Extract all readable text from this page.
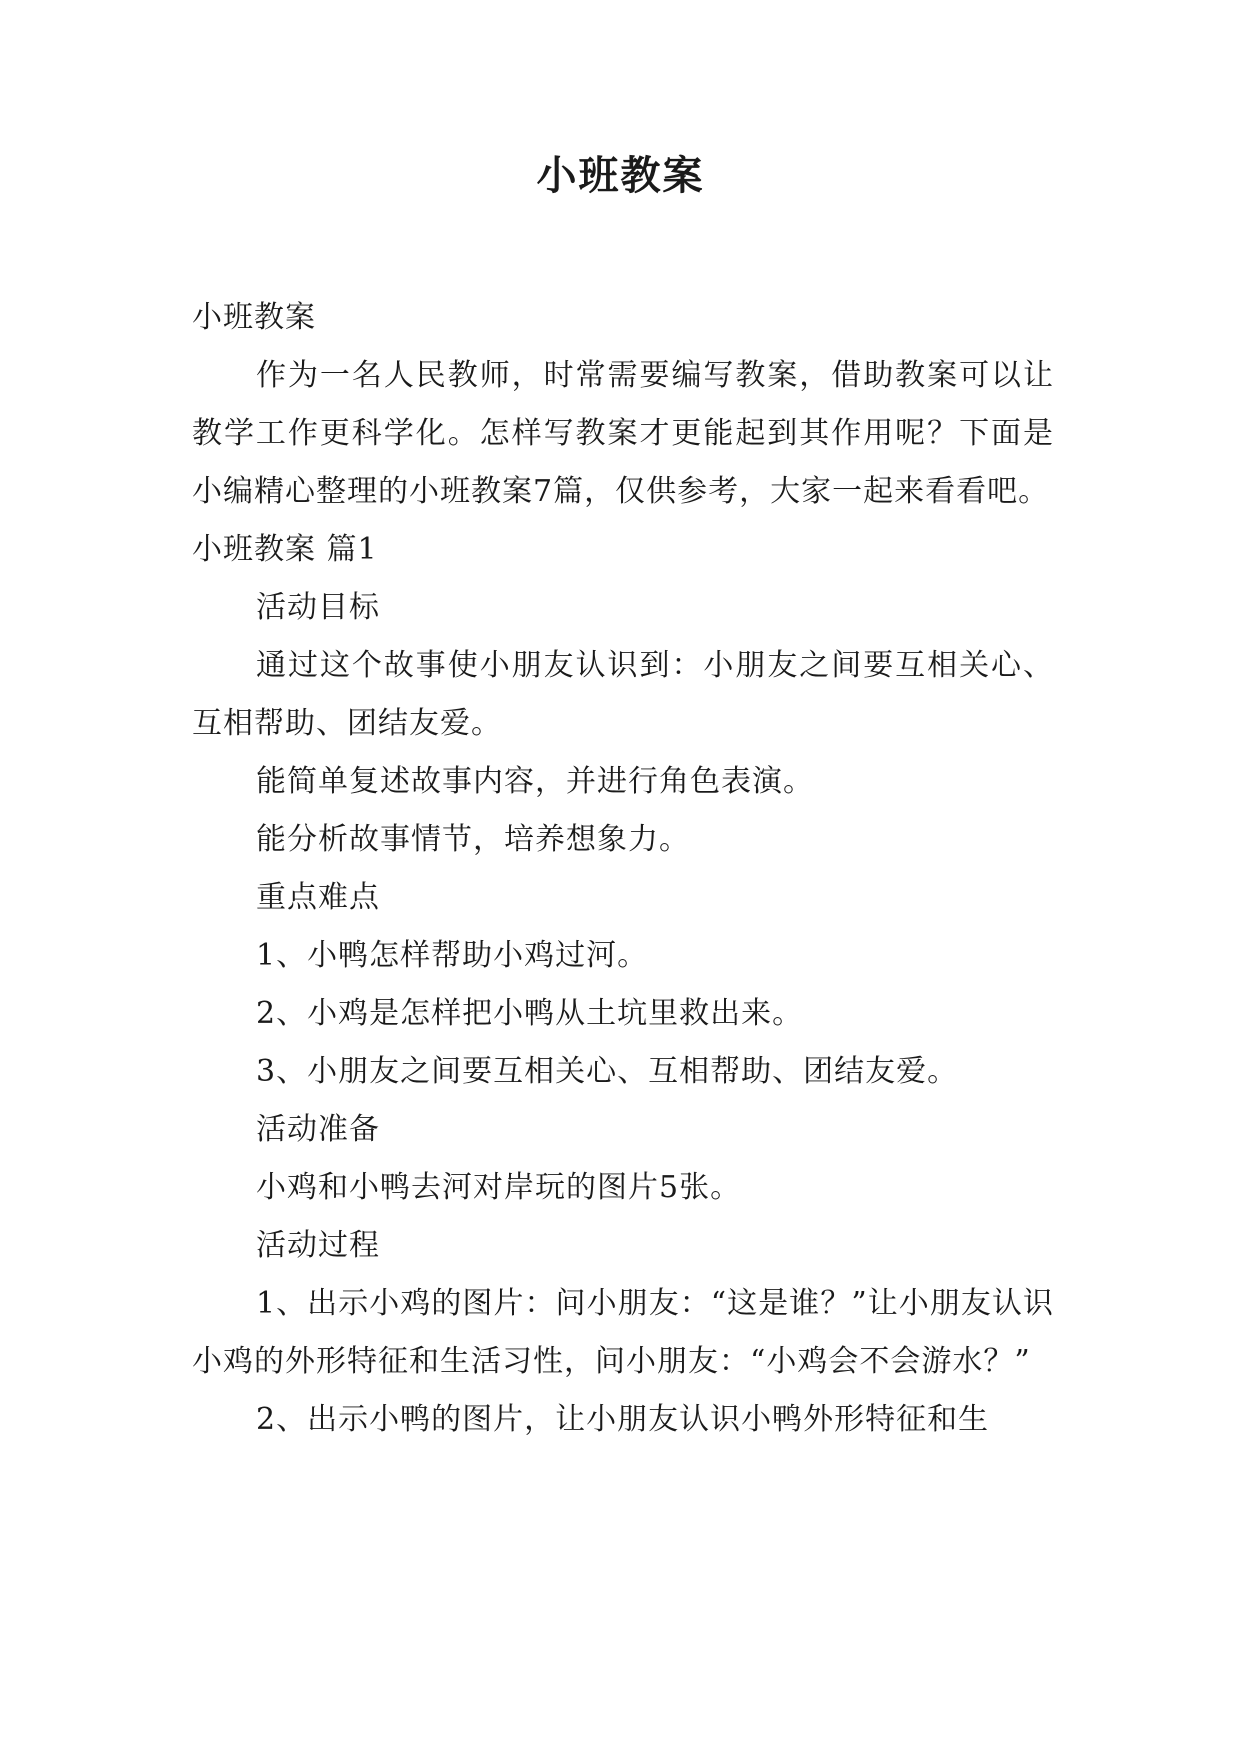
小班教案

小班教案

作为一名人民教师，时常需要编写教案，借助教案可以让教学工作更科学化。怎样写教案才更能起到其作用呢？下面是小编精心整理的小班教案7篇，仅供参考，大家一起来看看吧。

小班教案 篇1

活动目标

通过这个故事使小朋友认识到：小朋友之间要互相关心、互相帮助、团结友爱。

能简单复述故事内容，并进行角色表演。

能分析故事情节，培养想象力。

重点难点

1、小鸭怎样帮助小鸡过河。

2、小鸡是怎样把小鸭从土坑里救出来。

3、小朋友之间要互相关心、互相帮助、团结友爱。

活动准备

小鸡和小鸭去河对岸玩的图片5张。

活动过程

1、出示小鸡的图片：问小朋友：“这是谁？”让小朋友认识小鸡的外形特征和生活习性，问小朋友：“小鸡会不会游水？”

2、出示小鸭的图片，让小朋友认识小鸭外形特征和生
